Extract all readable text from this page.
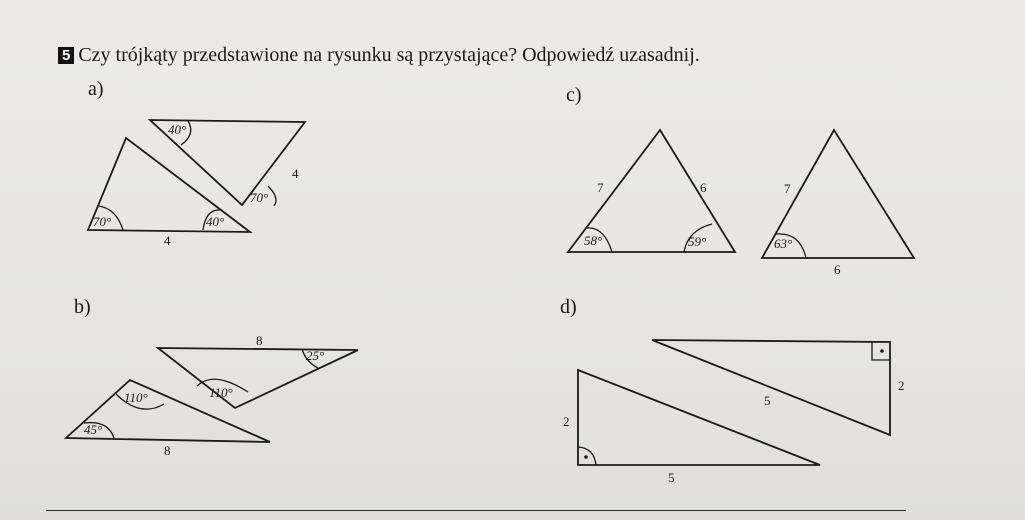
5 Czy trójkąty przedstawione na rysunku są przystające? Odpowiedź uzasadnij.
a)	c)
b)	d)
40°
70°
4
70°	40°
4
8
25°
110°
110°
45°
8
7	6
58°	59°
7
63°
6
5
2
2
5
